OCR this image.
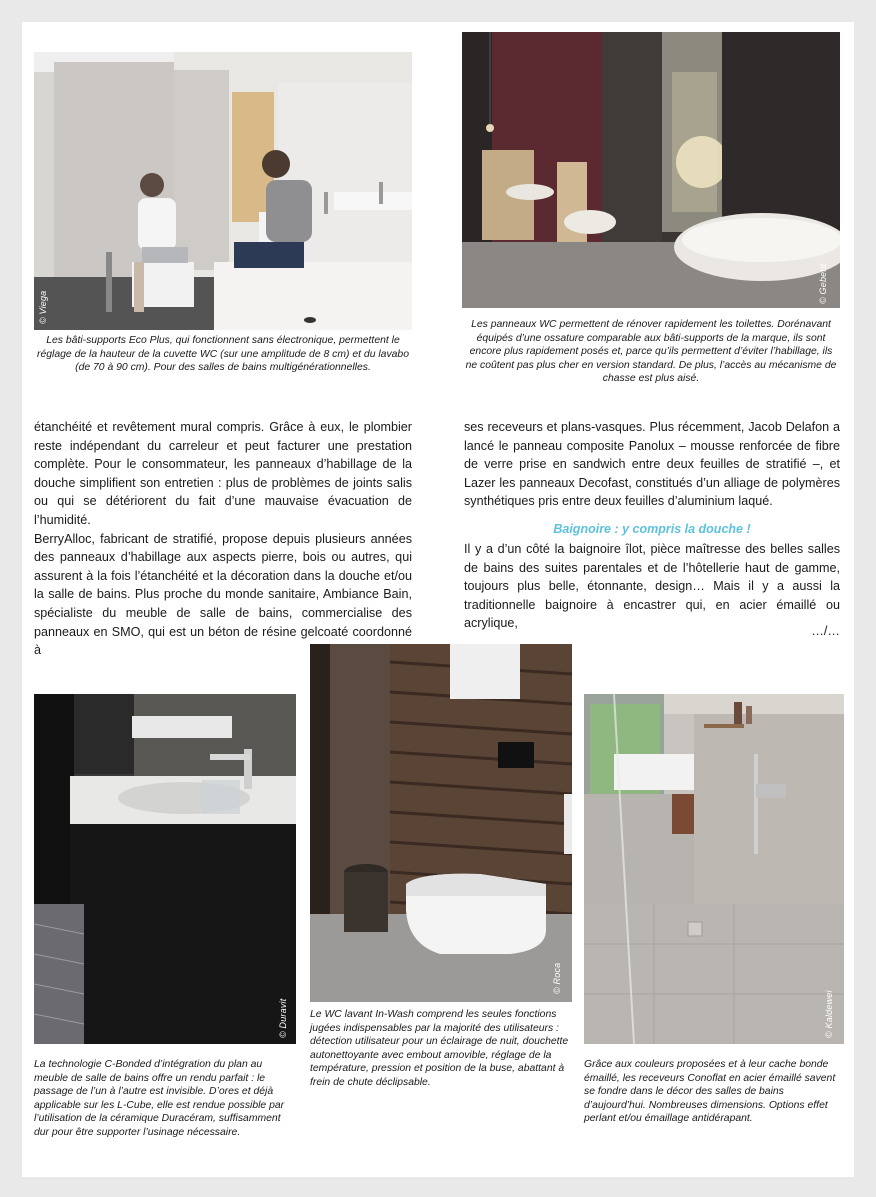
© Viega
Les bâti-supports Eco Plus, qui fonctionnent sans électronique, permettent le réglage de la hauteur de la cuvette WC (sur une amplitude de 8 cm) et du lavabo (de 70 à 90 cm). Pour des salles de bains multigénérationnelles.
© Geberit
Les panneaux WC permettent de rénover rapidement les toilettes. Dorénavant équipés d’une ossature comparable aux bâti-supports de la marque, ils sont encore plus rapidement posés et, parce qu’ils permettent d’éviter l’habillage, ils ne coûtent pas plus cher en version standard. De plus, l’accès au mécanisme de chasse est plus aisé.

étanchéité et revêtement mural compris. Grâce à eux, le plombier reste indépendant du carreleur et peut facturer une prestation complète. Pour le consommateur, les panneaux d’habillage de la douche simplifient son entretien : plus de problèmes de joints salis ou qui se détériorent du fait d’une mauvaise évacuation de l’humidité.

BerryAlloc, fabricant de stratifié, propose depuis plusieurs années des panneaux d’habillage aux aspects pierre, bois ou autres, qui assurent à la fois l’étanchéité et la décoration dans la douche et/ou la salle de bains. Plus proche du monde sanitaire, Ambiance Bain, spécialiste du meuble de salle de bains, commercialise des panneaux en SMO, qui est un béton de résine gelcoaté coordonné à

ses receveurs et plans-vasques. Plus récemment, Jacob Delafon a lancé le panneau composite Panolux – mousse renforcée de fibre de verre prise en sandwich entre deux feuilles de stratifié –, et Lazer les panneaux Decofast, constitués d’un alliage de polymères synthétiques pris entre deux feuilles d’aluminium laqué.

Baignoire : y compris la douche !

Il y a d’un côté la baignoire îlot, pièce maîtresse des belles salles de bains des suites parentales et de l’hôtellerie haut de gamme, toujours plus belle, étonnante, design… Mais il y a aussi la traditionnelle baignoire à encastrer qui, en acier émaillé ou acrylique,

…/…
© Duravit
La technologie C-Bonded d’intégration du plan au meuble de salle de bains offre un rendu parfait : le passage de l’un à l’autre est invisible. D’ores et déjà applicable sur les L-Cube, elle est rendue possible par l’utilisation de la céramique Duracéram, suffisamment dur pour être supporter l’usinage nécessaire.
© Roca
Le WC lavant In-Wash comprend les seules fonctions jugées indispensables par la majorité des utilisateurs : détection utilisateur pour un éclairage de nuit, douchette autonettoyante avec embout amovible, réglage de la température, pression et position de la buse, abattant à frein de chute déclipsable.
© Kaldewei
Grâce aux couleurs proposées et à leur cache bonde émaillé, les receveurs Conoflat en acier émaillé savent se fondre dans le décor des salles de bains d’aujourd’hui. Nombreuses dimensions. Options effet perlant et/ou émaillage antidérapant.
